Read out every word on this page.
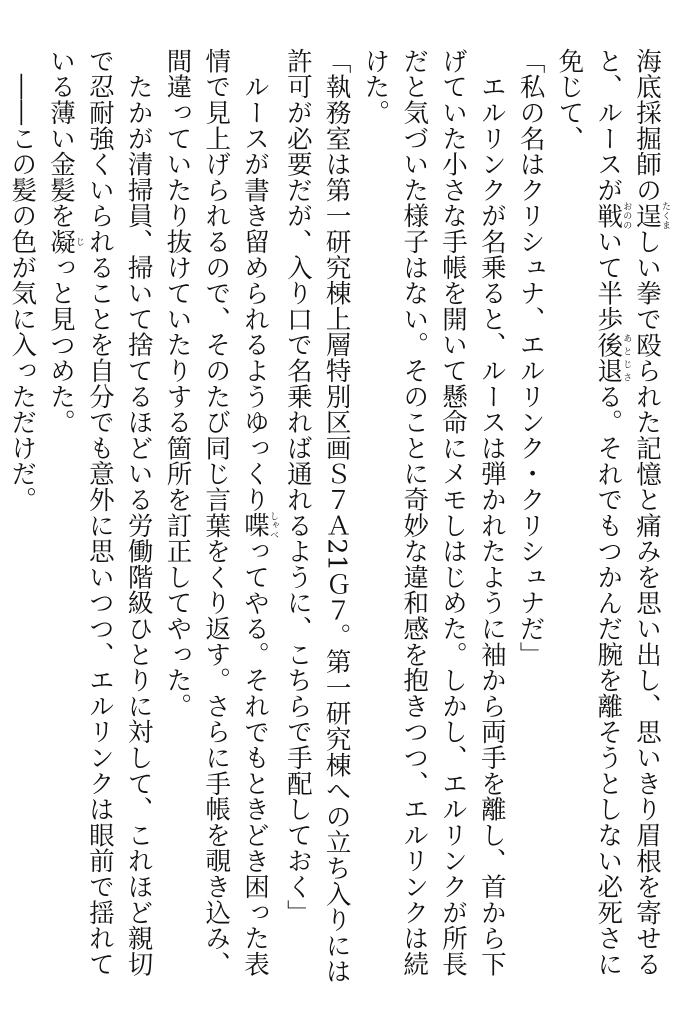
海底採掘師の逞たくましい拳で殴られた記憶と痛みを思い出し、思いきり眉根を寄せると、ルースが戦おののいて半歩後退あとじさる。それでもつかんだ腕を離そうとしない必死さに免じて、

「私の名はクリシュナ、エルリンク・クリシュナだ」

　エルリンクが名乗ると、ルースは弾かれたように袖から両手を離し、首から下げていた小さな手帳を開いて懸命にメモしはじめた。しかし、エルリンクが所長だと気づいた様子はない。そのことに奇妙な違和感を抱きつつ、エルリンクは続けた。

「執務室は第一研究棟上層特別区画Ｓ７Ａ21Ｇ７。第一研究棟への立ち入りには許可が必要だが、入り口で名乗れば通れるように、こちらで手配しておく」

　ルースが書き留められるようゆっくり喋しゃべってやる。それでもときどき困った表情で見上げられるので、そのたび同じ言葉をくり返す。さらに手帳を覗き込み、間違っていたり抜けていたりする箇所を訂正してやった。

　たかが清掃員、掃いて捨てるほどいる労働階級ひとりに対して、これほど親切で忍耐強くいられることを自分でも意外に思いつつ、エルリンクは眼前で揺れている薄い金髪を凝じっと見つめた。

　――この髪の色が気に入っただけだ。
